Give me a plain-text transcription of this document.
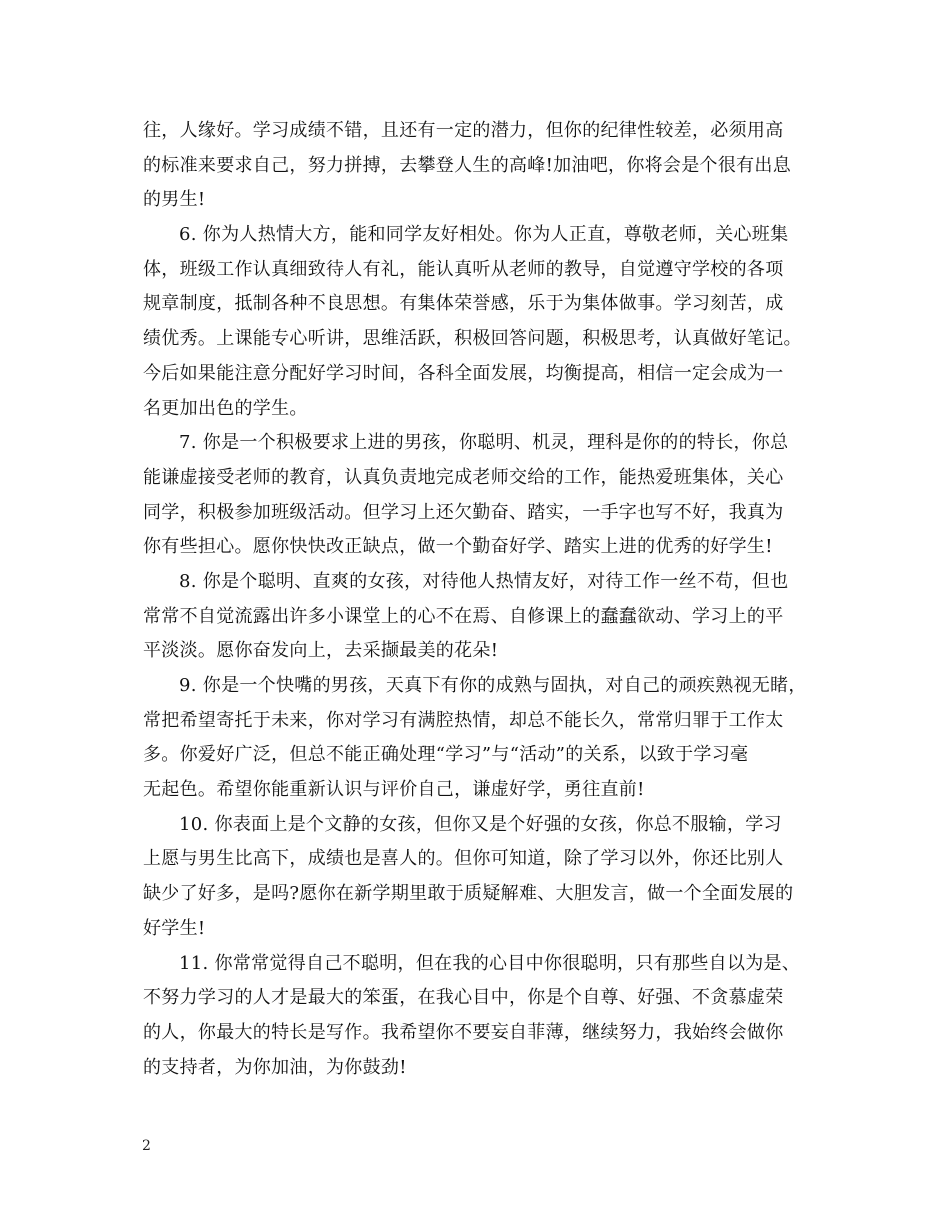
往，人缘好。学习成绩不错，且还有一定的潜力，但你的纪律性较差，必须用高
的标准来要求自己，努力拼搏，去攀登人生的高峰!加油吧，你将会是个很有出息
的男生!
6. 你为人热情大方，能和同学友好相处。你为人正直，尊敬老师，关心班集
体，班级工作认真细致待人有礼，能认真听从老师的教导，自觉遵守学校的各项
规章制度，抵制各种不良思想。有集体荣誉感，乐于为集体做事。学习刻苦，成
绩优秀。上课能专心听讲，思维活跃，积极回答问题，积极思考，认真做好笔记。
今后如果能注意分配好学习时间，各科全面发展，均衡提高，相信一定会成为一
名更加出色的学生。
7. 你是一个积极要求上进的男孩，你聪明、机灵，理科是你的的特长，你总
能谦虚接受老师的教育，认真负责地完成老师交给的工作，能热爱班集体，关心
同学，积极参加班级活动。但学习上还欠勤奋、踏实，一手字也写不好，我真为
你有些担心。愿你快快改正缺点，做一个勤奋好学、踏实上进的优秀的好学生!
8. 你是个聪明、直爽的女孩，对待他人热情友好，对待工作一丝不苟，但也
常常不自觉流露出许多小课堂上的心不在焉、自修课上的蠢蠢欲动、学习上的平
平淡淡。愿你奋发向上，去采撷最美的花朵!
9. 你是一个快嘴的男孩，天真下有你的成熟与固执，对自己的顽疾熟视无睹，
常把希望寄托于未来，你对学习有满腔热情，却总不能长久，常常归罪于工作太
多。你爱好广泛，但总不能正确处理“学习”与“活动”的关系，以致于学习毫
无起色。希望你能重新认识与评价自己，谦虚好学，勇往直前!
10. 你表面上是个文静的女孩，但你又是个好强的女孩，你总不服输，学习
上愿与男生比高下，成绩也是喜人的。但你可知道，除了学习以外，你还比别人
缺少了好多，是吗?愿你在新学期里敢于质疑解难、大胆发言，做一个全面发展的
好学生!
11. 你常常觉得自己不聪明，但在我的心目中你很聪明，只有那些自以为是、
不努力学习的人才是最大的笨蛋，在我心目中，你是个自尊、好强、不贪慕虚荣
的人，你最大的特长是写作。我希望你不要妄自菲薄，继续努力，我始终会做你
的支持者，为你加油，为你鼓劲!
2
